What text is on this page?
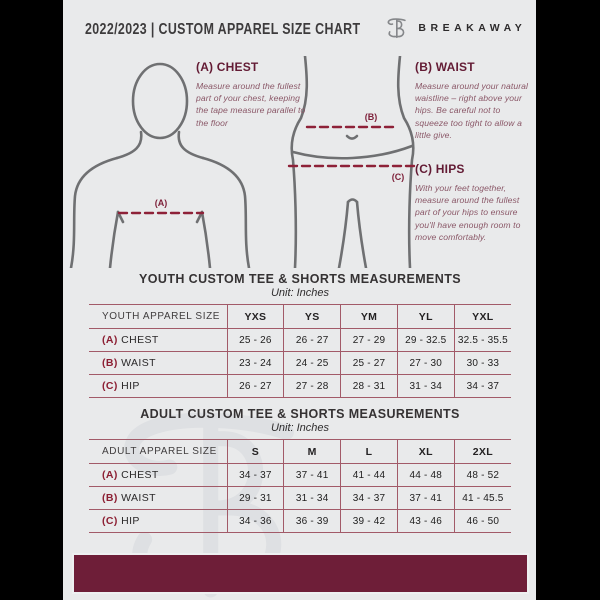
2022/2023 | CUSTOM APPAREL SIZE CHART	BREAKAWAY
(A)
(B)
(C)
(A) CHEST

Measure around the fullest part of your chest, keeping the tape measure parallel to the floor

(B) WAIST

Measure around your natural waistline – right above your hips. Be careful not to squeeze too tight to allow a little give.

(C) HIPS

With your feet together, measure around the fullest part of your hips to ensure you'll have enough room to move comfortably.

YOUTH CUSTOM TEE & SHORTS MEASUREMENTS

Unit: Inches

YOUTH APPAREL SIZE	YXS	YS	YM	YL	YXL
(A) CHEST	25 - 26	26 - 27	27 - 29	29 - 32.5	32.5 - 35.5
(B) WAIST	23 - 24	24 - 25	25 - 27	27 - 30	30 - 33
(C) HIP	26 - 27	27 - 28	28 - 31	31 - 34	34 - 37

ADULT CUSTOM TEE & SHORTS MEASUREMENTS

Unit: Inches

ADULT APPAREL SIZE	S	M	L	XL	2XL
(A) CHEST	34 - 37	37 - 41	41 - 44	44 - 48	48 - 52
(B) WAIST	29 - 31	31 - 34	34 - 37	37 - 41	41 - 45.5
(C) HIP	34 - 36	36 - 39	39 - 42	43 - 46	46 - 50
